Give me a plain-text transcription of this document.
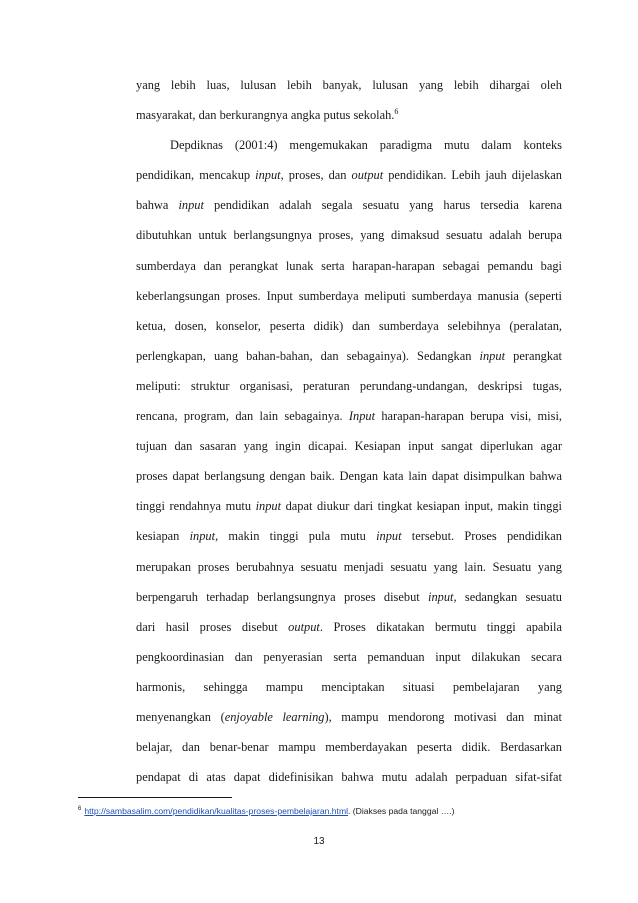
yang lebih luas, lulusan lebih banyak, lulusan yang lebih dihargai oleh
masyarakat, dan berkurangnya angka putus sekolah.$^6$
Depdiknas (2001:4) mengemukakan paradigma mutu dalam konteks
pendidikan, mencakup input, proses, dan output pendidikan. Lebih jauh dijelaskan
bahwa input pendidikan adalah segala sesuatu yang harus tersedia karena
dibutuhkan untuk berlangsungnya proses, yang dimaksud sesuatu adalah berupa
sumberdaya dan perangkat lunak serta harapan-harapan sebagai pemandu bagi
keberlangsungan proses. Input sumberdaya meliputi sumberdaya manusia (seperti
ketua, dosen, konselor, peserta didik) dan sumberdaya selebihnya (peralatan,
perlengkapan, uang bahan-bahan, dan sebagainya). Sedangkan input perangkat
meliputi: struktur organisasi, peraturan perundang-undangan, deskripsi tugas,
rencana, program, dan lain sebagainya. Input harapan-harapan berupa visi, misi,
tujuan dan sasaran yang ingin dicapai. Kesiapan input sangat diperlukan agar
proses dapat berlangsung dengan baik. Dengan kata lain dapat disimpulkan bahwa
tinggi rendahnya mutu input dapat diukur dari tingkat kesiapan input, makin tinggi
kesiapan input, makin tinggi pula mutu input tersebut. Proses pendidikan
merupakan proses berubahnya sesuatu menjadi sesuatu yang lain. Sesuatu yang
berpengaruh terhadap berlangsungnya proses disebut input, sedangkan sesuatu
dari hasil proses disebut output. Proses dikatakan bermutu tinggi apabila
pengkoordinasian dan penyerasian serta pemanduan input dilakukan secara
harmonis, sehingga mampu menciptakan situasi pembelajaran yang
menyenangkan (enjoyable learning), mampu mendorong motivasi dan minat
belajar, dan benar-benar mampu memberdayakan peserta didik. Berdasarkan
pendapat di atas dapat didefinisikan bahwa mutu adalah perpaduan sifat-sifat
$^6$ http://sambasalim.com/pendidikan/kualitas-proses-pembelajaran.html. (Diakses pada tanggal ….)
13
